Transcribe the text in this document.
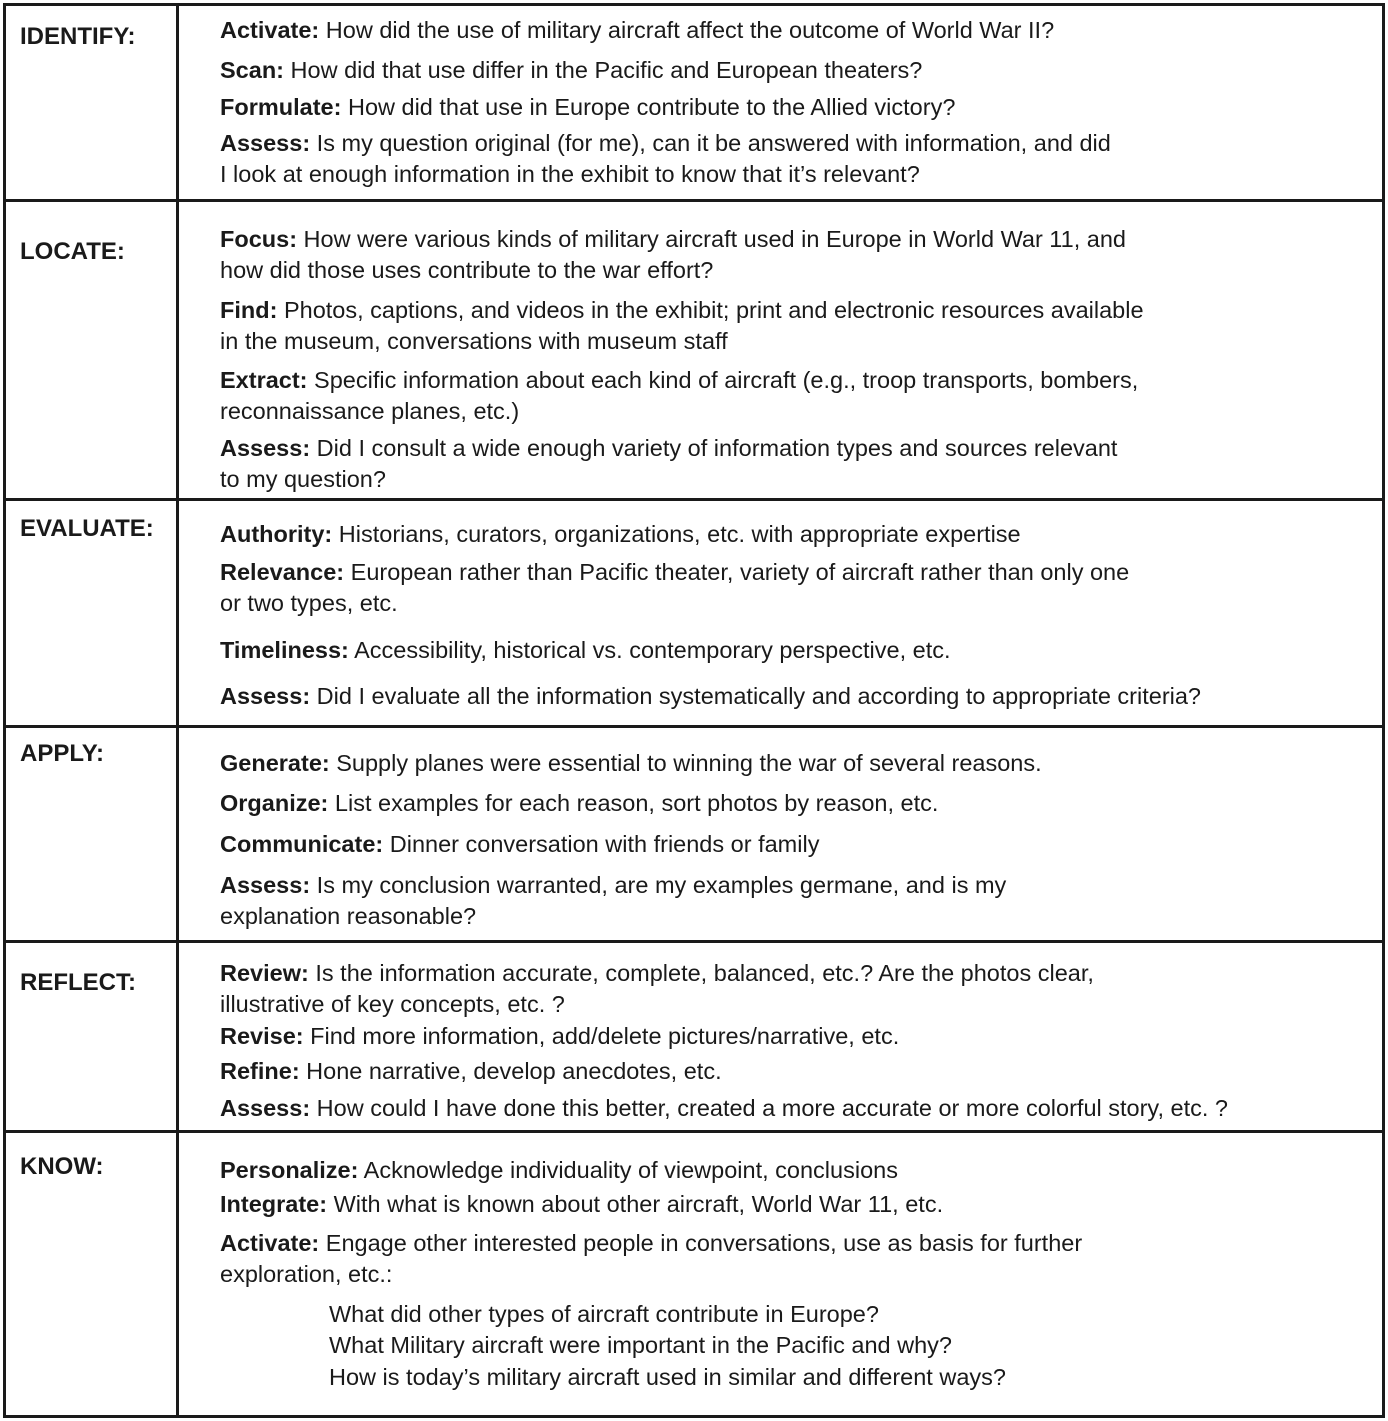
IDENTIFY:	Activate: How did the use of military aircraft affect the outcome of World War II?
Scan: How did that use differ in the Pacific and European theaters?
Formulate: How did that use in Europe contribute to the Allied victory?
Assess: Is my question original (for me), can it be answered with information, and did
I look at enough information in the exhibit to know that it’s relevant?
LOCATE:	Focus: How were various kinds of military aircraft used in Europe in World War 11, and
how did those uses contribute to the war effort?
Find: Photos, captions, and videos in the exhibit; print and electronic resources available
in the museum, conversations with museum staff
Extract: Specific information about each kind of aircraft (e.g., troop transports, bombers,
reconnaissance planes, etc.)
Assess: Did I consult a wide enough variety of information types and sources relevant
to my question?
EVALUATE:	Authority: Historians, curators, organizations, etc. with appropriate expertise
Relevance: European rather than Pacific theater, variety of aircraft rather than only one
or two types, etc.
Timeliness: Accessibility, historical vs. contemporary perspective, etc.
Assess: Did I evaluate all the information systematically and according to appropriate criteria?
APPLY:	Generate: Supply planes were essential to winning the war of several reasons.
Organize: List examples for each reason, sort photos by reason, etc.
Communicate: Dinner conversation with friends or family
Assess: Is my conclusion warranted, are my examples germane, and is my
explanation reasonable?
REFLECT:	Review: Is the information accurate, complete, balanced, etc.? Are the photos clear,
illustrative of key concepts, etc. ?
Revise: Find more information, add/delete pictures/narrative, etc.
Refine: Hone narrative, develop anecdotes, etc.
Assess: How could I have done this better, created a more accurate or more colorful story, etc. ?
KNOW:	Personalize: Acknowledge individuality of viewpoint, conclusions
Integrate: With what is known about other aircraft, World War 11, etc.
Activate: Engage other interested people in conversations, use as basis for further
exploration, etc.:
What did other types of aircraft contribute in Europe?
What Military aircraft were important in the Pacific and why?
How is today’s military aircraft used in similar and different ways?
